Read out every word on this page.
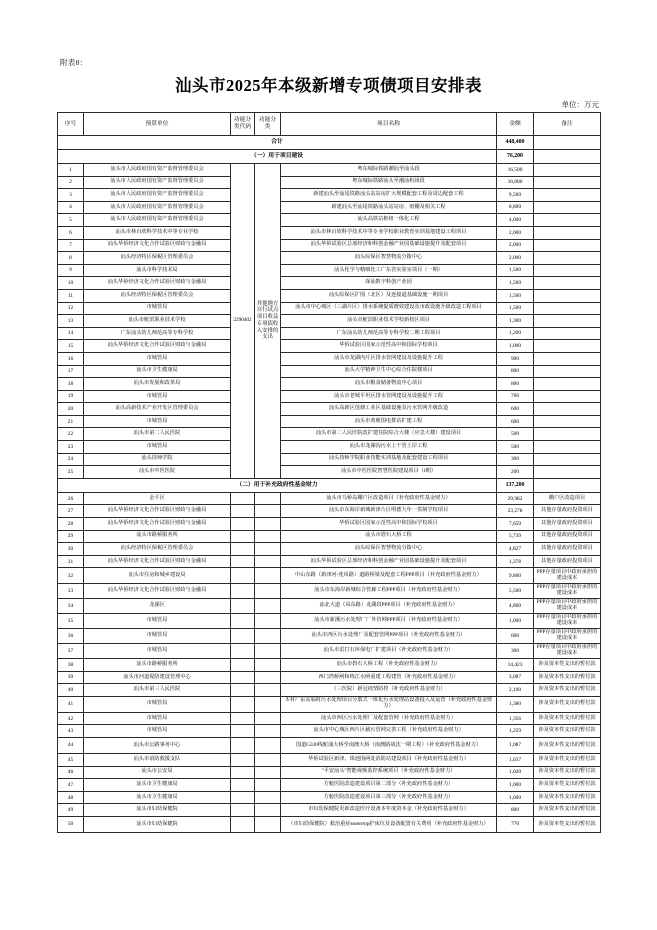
附表8：
汕头市2025年本级新增专项债项目安排表
单位：万元
序号	预算单位	功能分类代码	功能分类	项目名称	金额	备注
合计					448,400	
（一）用于项目建设					76,200	
1	汕头市人民政府国有资产监督管理委员会	2290402	其他地方自行试点项目收益专项债收入安排的支出	粤东城际铁路潮汕至汕头段	16,500	
2	汕头市人民政府国有资产监督管理委员会			粤东城际铁路汕头至潮汕机场段	16,000	
3	汕头市人民政府国有资产监督管理委员会			新建汕头至汕尾铁路汕头站站房扩大规模配套工程及周边配套工程	9,500	
4	汕头市人民政府国有资产监督管理委员会			新建汕头至汕尾铁路汕头站站房、雨棚及相关工程	8,800	
5	汕头市人民政府国有资产监督管理委员会			汕头高铁站枢纽一体化工程	4,000	
6	汕头市林百欣科学技术中等专业学校			汕头市林百欣科学技术中等专业学校职业教育实训基地建设工程项目	2,000	
7	汕头华侨经济文化合作试验区财政与金融局			汕头华侨试验区总部经济和科创金融产业园基础设施提升及配套项目	2,000	
8	汕头经济特区保税区管理委员会			汕头综保区智慧物流分拨中心	2,000	
9	汕头市科学技术局			汕头化学与精细化工广东省实验室项目（一期）	1,500	
10	汕头华侨经济文化合作试验区财政与金融局			深汕数字科创产业园	1,500	
11	汕头经济特区保税区管理委员会			汕头综保区扩围（北区）及连接道基础设施一期项目	1,500	
12	市城管局			汕头市中心城区（三湖片区）排水系统提质增效建设及市政设施升级改造工程项目	1,500	
13	汕头市鮀滨职业技术学校			汕头市鮀滨职业技术学校新校区项目	1,300	
14	广东汕头幼儿师范高等专科学校			广东汕头幼儿师范高等专科学校二期工程项目	1,200	
15	汕头华侨经济文化合作试验区财政与金融局			华侨试验区国家示范性高中和国际学校项目	1,000	
16	市城管局			汕头市龙湖内片区排水管网建设及设施提升工程	900	
17	汕头市卫生健康局			汕头大学精神卫生中心综合住院楼项目	800	
18	汕头市发展和改革局			汕头市粮食储备物流中心项目	800	
19	市城管局			汕头市老城平坦区排水管网建设及设施提升工程	700	
20	汕头高新技术产业开发区管理委员会			汕头高新区莲塘工业区基础设施及污水管网升级改造	600	
21	市城管局			汕头市黄墘围电排站扩建工程	600	
22	汕头市第二人民医院			汕头市第二人民医院改扩建住院综合大楼（应急大楼）建设项目	500	
23	市城管局			汕头市龙湖沟污水上干管上岸工程	500	
24	汕头技师学院			汕头技师学院职业技能实训基地及配套建设工程项目	300	
25	汕头市中医医院			汕头市中医医院智慧医院建设项目（I期）	200	
（二）用于补充政府性基金财力					137,200	
26	金平区			汕头市乌桥岛棚户区改造项目（补充政府性基金财力）	29,982	棚户区改造项目
27	汕头华侨经济文化合作试验区财政与金融局			汕头市东海岸新城新津片区明德九年一贯制学校项目	23,278	其他存量政府投资项目
28	汕头华侨经济文化合作试验区财政与金融局			华侨试验区国家示范性高中和国际学校项目	7,659	其他存量政府投资项目
29	汕头市路桥服务所			汕头市礐石大桥工程	5,739	其他存量政府投资项目
30	汕头经济特区保税区管理委员会			汕头综保区智慧物流分拨中心	4,827	其他存量政府投资项目
31	汕头华侨经济文化合作试验区财政与金融局			汕头华侨试验区总部经济和科创金融产业园基础设施提升及配套项目	1,378	其他存量政府投资项目
32	汕头市住房和城乡建设局			中山东路（新津河-莲风路）道路桥梁及配套工程PPP项目（补充政府性基金财力）	9,800	PPP存量项目中政府承担的建设成本
33	汕头华侨经济文化合作试验区财政与金融局			汕头市东海岸新城综合管廊工程PPP项目（补充政府性基金财力）	5,500	PPP存量项目中政府承担的建设成本
34	龙湖区			汕北大道（凤东路）龙湖段PPP项目（补充政府性基金财力）	4,800	PPP存量项目中政府承担的建设成本
35	市城管局			汕头市新溪污水处理厂厂外管网PPP项目（补充政府性基金财力）	1,000	PPP存量项目中政府承担的建设成本
36	市城管局			汕头市西区污水处理厂及配套管网PPP项目（补充政府性基金财力）	600	PPP存量项目中政府承担的建设成本
37	市城管局			汕头市雷打石环保电厂扩建项目（补充政府性基金财力）	300	PPP存量项目中政府承担的建设成本
38	汕头市路桥服务所			汕头市礐石大桥工程（补充政府性基金财力）	14,423	涉及资本性支出的暂付款
39	汕头市河道堤防建设管理中心			西门湾桥闸和练江水闸重建工程建管（补充政府性基金财力）	3,087	涉及资本性支出的暂付款
40	汕头市第三人民医院			（三医院）新冠疫情防控（补充政府性基金财力）	2,100	涉及资本性支出的暂付款
41	市城管局			木材厂泵站临时污水处理项目分散式一体化污水处理站设备投入及运营（补充政府性基金财力）	1,380	涉及资本性支出的暂付款
42	市城管局			汕头市西区污水处理厂及配套管网（补充政府性基金财力）	1,356	涉及资本性支出的暂付款
43	市城管局			汕头市中心城区西片区截污管网完善工程（补充政府性基金财力）	1,259	涉及资本性支出的暂付款
44	汕头市公路事务中心			国道G330线鮀浦大桥至南澳大桥（南澳路战沈一期工程）（补充政府性基金财力）	1,087	涉及资本性支出的暂付款
45	汕头市消防救援支队			华侨试验区新津、珠池围两处消防站建设项目（补充政府性基金财力）	1,037	涉及资本性支出的暂付款
46	汕头市公安局			"平安汕头"智能视频监控系统项目（补充政府性基金财力）	1,020	涉及资本性支出的暂付款
47	汕头市卫生健康局			方舱医院改造建设项目第二部分（补充政府性基金财力）	1,000	涉及资本性支出的暂付款
48	汕头市卫生健康局			方舱医院改造建设项目第三部分（补充政府性基金财力）	1,000	涉及资本性支出的暂付款
49	汕头市妇幼保健院			市妇幼保健院更新改造医疗设备本年度资本金（补充政府性基金财力）	800	涉及资本性支出的暂付款
50	汕头市妇幼保健院			（市妇幼保健院）救治重症монитор护床位及设备配置有关费用（补充政府性基金财力）	770	涉及资本性支出的暂付款
